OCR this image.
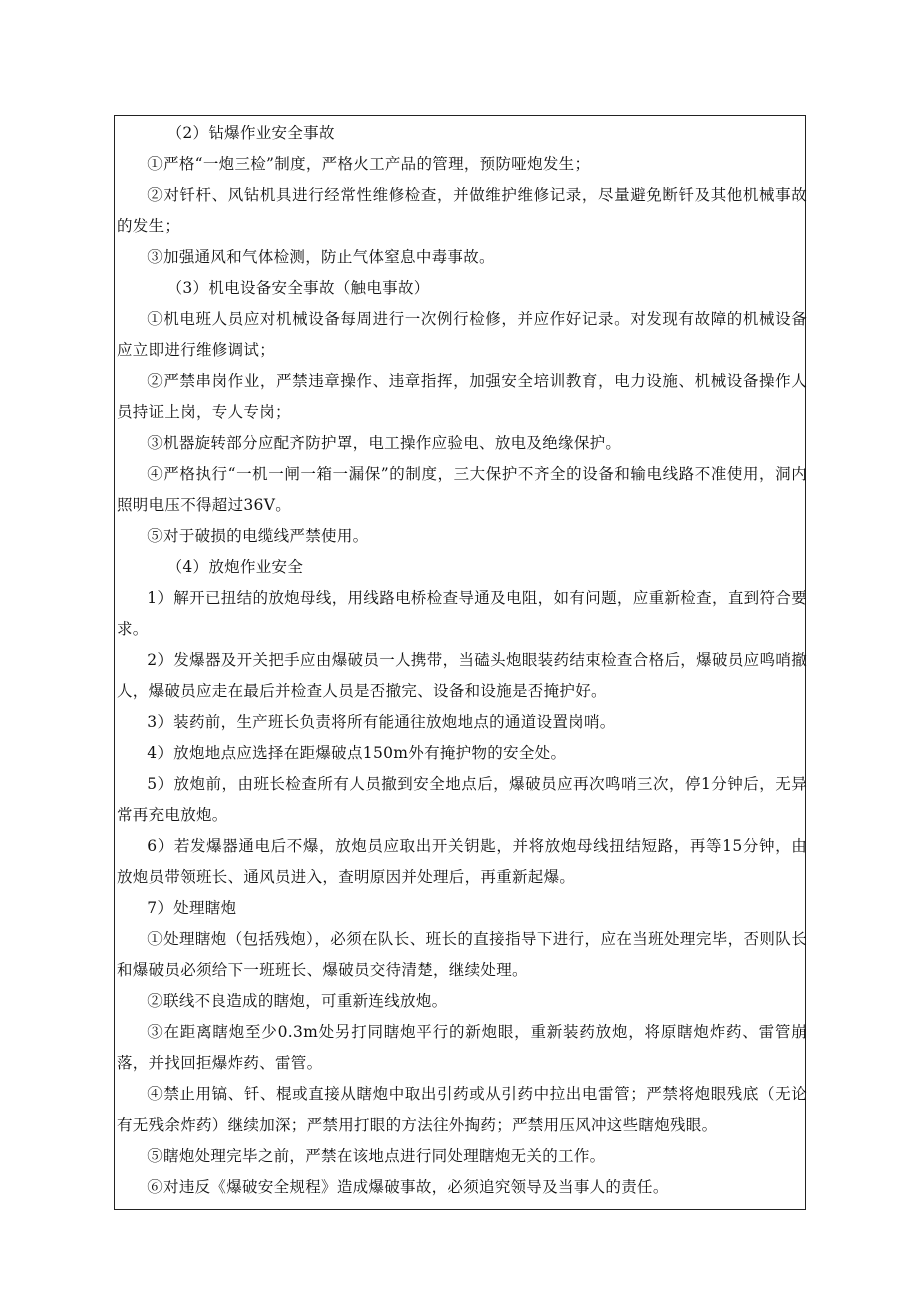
（2）钻爆作业安全事故

①严格“一炮三检”制度，严格火工产品的管理，预防哑炮发生；

②对钎杆、风钻机具进行经常性维修检查，并做维护维修记录，尽量避免断钎及其他机械事故的发生；

③加强通风和气体检测，防止气体窒息中毒事故。

（3）机电设备安全事故（触电事故）

①机电班人员应对机械设备每周进行一次例行检修，并应作好记录。对发现有故障的机械设备应立即进行维修调试；

②严禁串岗作业，严禁违章操作、违章指挥，加强安全培训教育，电力设施、机械设备操作人员持证上岗，专人专岗；

③机器旋转部分应配齐防护罩，电工操作应验电、放电及绝缘保护。

④严格执行“一机一闸一箱一漏保”的制度，三大保护不齐全的设备和输电线路不准使用，洞内照明电压不得超过36V。

⑤对于破损的电缆线严禁使用。

（4）放炮作业安全

1）解开已扭结的放炮母线，用线路电桥检查导通及电阻，如有问题，应重新检查，直到符合要求。

2）发爆器及开关把手应由爆破员一人携带，当磕头炮眼装药结束检查合格后，爆破员应鸣哨撤人，爆破员应走在最后并检查人员是否撤完、设备和设施是否掩护好。

3）装药前，生产班长负责将所有能通往放炮地点的通道设置岗哨。

4）放炮地点应选择在距爆破点150m外有掩护物的安全处。

5）放炮前，由班长检查所有人员撤到安全地点后，爆破员应再次鸣哨三次，停1分钟后，无异常再充电放炮。

6）若发爆器通电后不爆，放炮员应取出开关钥匙，并将放炮母线扭结短路，再等15分钟，由放炮员带领班长、通风员进入，查明原因并处理后，再重新起爆。

7）处理瞎炮

①处理瞎炮（包括残炮），必须在队长、班长的直接指导下进行，应在当班处理完毕，否则队长和爆破员必须给下一班班长、爆破员交待清楚，继续处理。

②联线不良造成的瞎炮，可重新连线放炮。

③在距离瞎炮至少0.3m处另打同瞎炮平行的新炮眼，重新装药放炮，将原瞎炮炸药、雷管崩落，并找回拒爆炸药、雷管。

④禁止用镐、钎、棍或直接从瞎炮中取出引药或从引药中拉出电雷管；严禁将炮眼残底（无论有无残余炸药）继续加深；严禁用打眼的方法往外掏药；严禁用压风冲这些瞎炮残眼。

⑤瞎炮处理完毕之前，严禁在该地点进行同处理瞎炮无关的工作。

⑥对违反《爆破安全规程》造成爆破事故，必须追究领导及当事人的责任。
